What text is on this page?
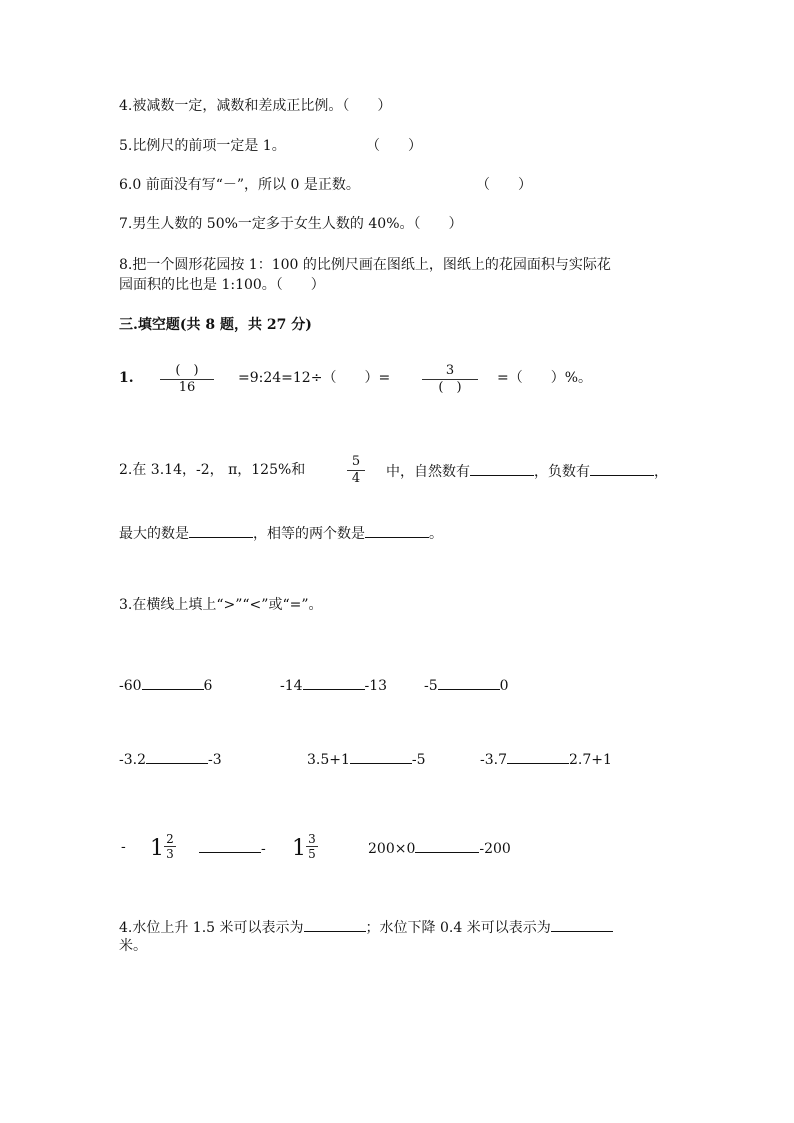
4.被减数一定，减数和差成正比例。（　　）
5.比例尺的前项一定是 1。	（　　）
6.0 前面没有写“－”，所以 0 是正数。	（　　）
7.男生人数的 50%一定多于女生人数的 40%。（　　）
8.把一个圆形花园按 1：100 的比例尺画在图纸上，图纸上的花园面积与实际花
园面积的比也是 1:100。（　　）
三.填空题(共 8 题，共 27 分)
1.	(　)
16
=9:24=12÷（　　）=	3
(　)
=（　　）%。
2.在 3.14，-2， π，125%和
5
4	中，自然数有	，负数有	，
最大的数是	，相等的两个数是	。
3.在横线上填上“>”“<”或“=”。
-60	6	-14	-13	-5	0
-3.2	-3	3.5+1	-5	-3.7	2.7+1
- 1 2
3	- 1 3
5	200×0	-200
4.水位上升 1.5 米可以表示为	；水位下降 0.4 米可以表示为
米。
